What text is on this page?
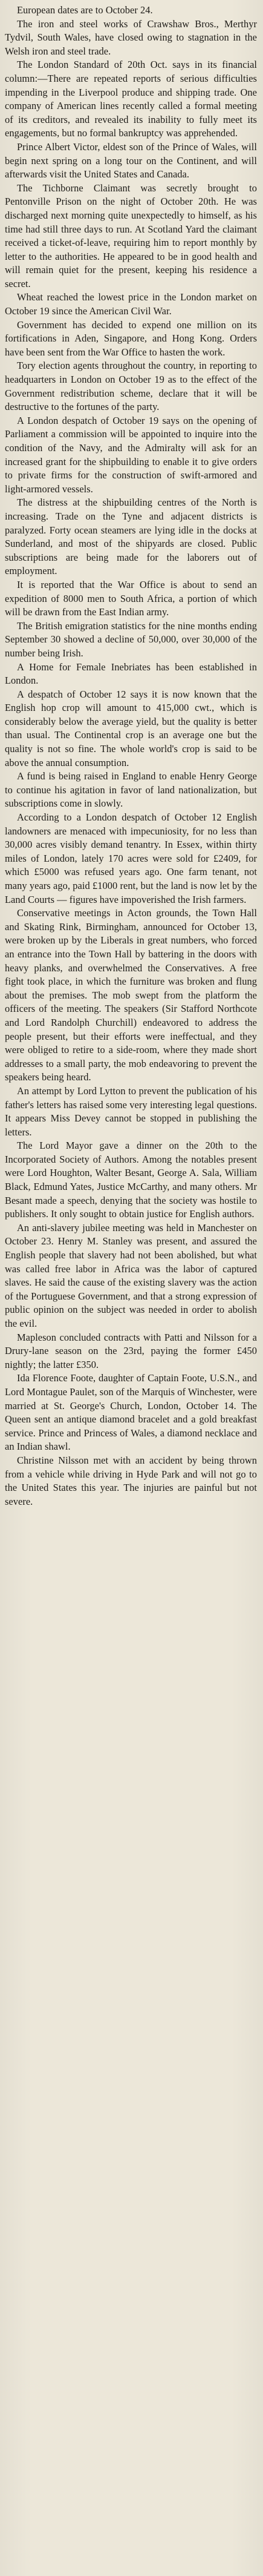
European dates are to October 24.

The iron and steel works of Crawshaw Bros., Merthyr Tydvil, South Wales, have closed owing to stagnation in the Welsh iron and steel trade.

The London Standard of 20th Oct. says in its financial column:—There are repeated reports of serious difficulties impending in the Liverpool produce and shipping trade. One company of American lines recently called a formal meeting of its creditors, and revealed its inability to fully meet its engagements, but no formal bankruptcy was apprehended.

Prince Albert Victor, eldest son of the Prince of Wales, will begin next spring on a long tour on the Continent, and will afterwards visit the United States and Canada.

The Tichborne Claimant was secretly brought to Pentonville Prison on the night of October 20th. He was discharged next morning quite unexpectedly to himself, as his time had still three days to run. At Scotland Yard the claimant received a ticket-of-leave, requiring him to report monthly by letter to the authorities. He appeared to be in good health and will remain quiet for the present, keeping his residence a secret.

Wheat reached the lowest price in the London market on October 19 since the American Civil War.

Government has decided to expend one million on its fortifications in Aden, Singapore, and Hong Kong. Orders have been sent from the War Office to hasten the work.

Tory election agents throughout the country, in reporting to headquarters in London on October 19 as to the effect of the Government redistribution scheme, declare that it will be destructive to the fortunes of the party.

A London despatch of October 19 says on the opening of Parliament a commission will be appointed to inquire into the condition of the Navy, and the Admiralty will ask for an increased grant for the shipbuilding to enable it to give orders to private firms for the construction of swift-armored and light-armored vessels.

The distress at the shipbuilding centres of the North is increasing. Trade on the Tyne and adjacent districts is paralyzed. Forty ocean steamers are lying idle in the docks at Sunderland, and most of the shipyards are closed. Public subscriptions are being made for the laborers out of employment.

It is reported that the War Office is about to send an expedition of 8000 men to South Africa, a portion of which will be drawn from the East Indian army.

The British emigration statistics for the nine months ending September 30 showed a decline of 50,000, over 30,000 of the number being Irish.

A Home for Female Inebriates has been established in London.

A despatch of October 12 says it is now known that the English hop crop will amount to 415,000 cwt., which is considerably below the average yield, but the quality is better than usual. The Continental crop is an average one but the quality is not so fine. The whole world's crop is said to be above the annual consumption.

A fund is being raised in England to enable Henry George to continue his agitation in favor of land nationalization, but subscriptions come in slowly.

According to a London despatch of October 12 English landowners are menaced with impecuniosity, for no less than 30,000 acres visibly demand tenantry. In Essex, within thirty miles of London, lately 170 acres were sold for £2409, for which £5000 was refused years ago. One farm tenant, not many years ago, paid £1000 rent, but the land is now let by the Land Courts — figures have impoverished the Irish farmers.

Conservative meetings in Acton grounds, the Town Hall and Skating Rink, Birmingham, announced for October 13, were broken up by the Liberals in great numbers, who forced an entrance into the Town Hall by battering in the doors with heavy planks, and overwhelmed the Conservatives. A free fight took place, in which the furniture was broken and flung about the premises. The mob swept from the platform the officers of the meeting. The speakers (Sir Stafford Northcote and Lord Randolph Churchill) endeavored to address the people present, but their efforts were ineffectual, and they were obliged to retire to a side-room, where they made short addresses to a small party, the mob endeavoring to prevent the speakers being heard.

An attempt by Lord Lytton to prevent the publication of his father's letters has raised some very interesting legal questions. It appears Miss Devey cannot be stopped in publishing the letters.

The Lord Mayor gave a dinner on the 20th to the Incorporated Society of Authors. Among the notables present were Lord Houghton, Walter Besant, George A. Sala, William Black, Edmund Yates, Justice McCarthy, and many others. Mr Besant made a speech, denying that the society was hostile to publishers. It only sought to obtain justice for English authors.

An anti-slavery jubilee meeting was held in Manchester on October 23. Henry M. Stanley was present, and assured the English people that slavery had not been abolished, but what was called free labor in Africa was the labor of captured slaves. He said the cause of the existing slavery was the action of the Portuguese Government, and that a strong expression of public opinion on the subject was needed in order to abolish the evil.

Mapleson concluded contracts with Patti and Nilsson for a Drury-lane season on the 23rd, paying the former £450 nightly; the latter £350.

Ida Florence Foote, daughter of Captain Foote, U.S.N., and Lord Montague Paulet, son of the Marquis of Winchester, were married at St. George's Church, London, October 14. The Queen sent an antique diamond bracelet and a gold breakfast service. Prince and Princess of Wales, a diamond necklace and an Indian shawl.

Christine Nilsson met with an accident by being thrown from a vehicle while driving in Hyde Park and will not go to the United States this year. The injuries are painful but not severe.
